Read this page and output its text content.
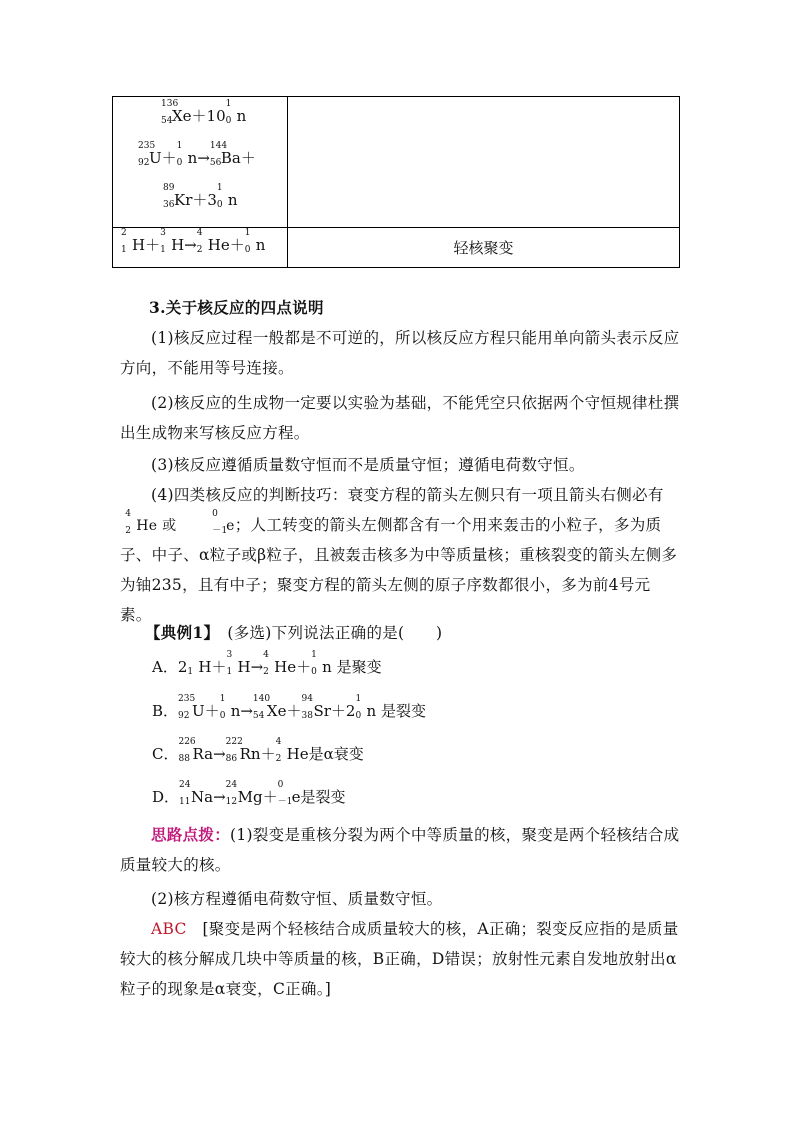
136
54 Xe＋10
1
0 n
235
92 U＋
1
0 n→
144
56 Ba＋
89
36 Kr＋3
1
0 n
2
1 H＋
3
1 H→
4
2 He＋
1
0 n	轻核聚变
3.关于核反应的四点说明
(1)核反应过程一般都是不可逆的，所以核反应方程只能用单向箭头表示反应方向，不能用等号连接。
(2)核反应的生成物一定要以实验为基础，不能凭空只依据两个守恒规律杜撰出生成物来写核反应方程。
(3)核反应遵循质量数守恒而不是质量守恒；遵循电荷数守恒。
(4)四类核反应的判断技巧：衰变方程的箭头左侧只有一项且箭头右侧必有

4
2 He 或
0
－1
e；人工转变的箭头左侧都含有一个用来轰击的小粒子，多为质子、中子、α粒子或β粒子，且被轰击核多为中等质量核；重核裂变的箭头左侧多为铀235，且有中子；聚变方程的箭头左侧的原子序数都很小，多为前4号元素。
【典例1】　 (多选)下列说法正确的是(　　)
A．2 1 H＋
3
1 H→
4
2 He＋
1
0 n 是聚变
B．
235
92 U＋
1
0 n→
140
54 Xe＋
94
38 Sr＋2
1
0 n 是裂变
C．
226
88 Ra→
222
86 Rn＋
4
2 He是α衰变
D．
24
11 Na→
24
12 Mg＋
0
－1 e是裂变
思路点拨：(1)裂变是重核分裂为两个中等质量的核，聚变是两个轻核结合成质量较大的核。
(2)核方程遵循电荷数守恒、质量数守恒。
ABC　 [聚变是两个轻核结合成质量较大的核，A正确；裂变反应指的是质量较大的核分解成几块中等质量的核，B正确，D错误；放射性元素自发地放射出α粒子的现象是α衰变，C正确。]
